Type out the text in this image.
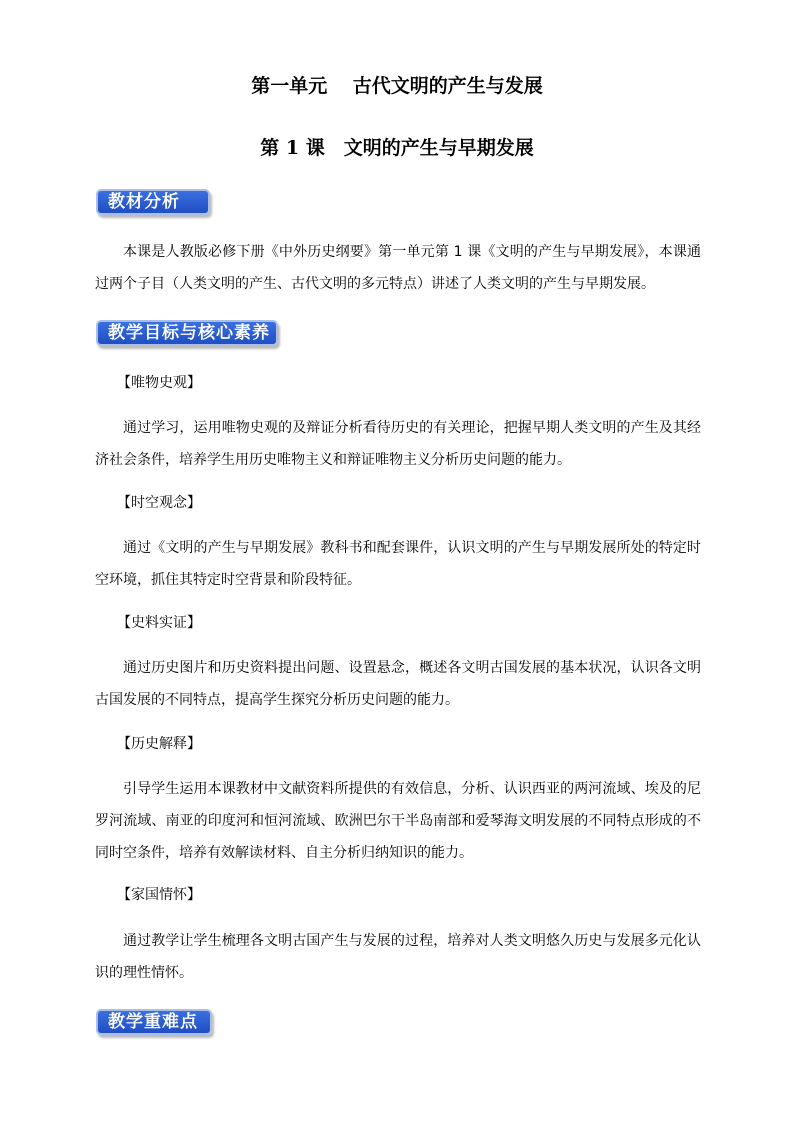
第一单元　 古代文明的产生与发展
第 1 课　文明的产生与早期发展
教材分析

本课是人教版必修下册《中外历史纲要》第一单元第 1 课《文明的产生与早期发展》，本课通过两个子目（人类文明的产生、古代文明的多元特点）讲述了人类文明的产生与早期发展。

教学目标与核心素养
【唯物史观】

通过学习，运用唯物史观的及辩证分析看待历史的有关理论，把握早期人类文明的产生及其经济社会条件，培养学生用历史唯物主义和辩证唯物主义分析历史问题的能力。

【时空观念】

通过《文明的产生与早期发展》教科书和配套课件，认识文明的产生与早期发展所处的特定时空环境，抓住其特定时空背景和阶段特征。

【史料实证】

通过历史图片和历史资料提出问题、设置悬念，概述各文明古国发展的基本状况，认识各文明古国发展的不同特点，提高学生探究分析历史问题的能力。

【历史解释】

引导学生运用本课教材中文献资料所提供的有效信息，分析、认识西亚的两河流域、埃及的尼罗河流域、南亚的印度河和恒河流域、欧洲巴尔干半岛南部和爱琴海文明发展的不同特点形成的不同时空条件，培养有效解读材料、自主分析归纳知识的能力。

【家国情怀】

通过教学让学生梳理各文明古国产生与发展的过程，培养对人类文明悠久历史与发展多元化认识的理性情怀。

教学重难点
